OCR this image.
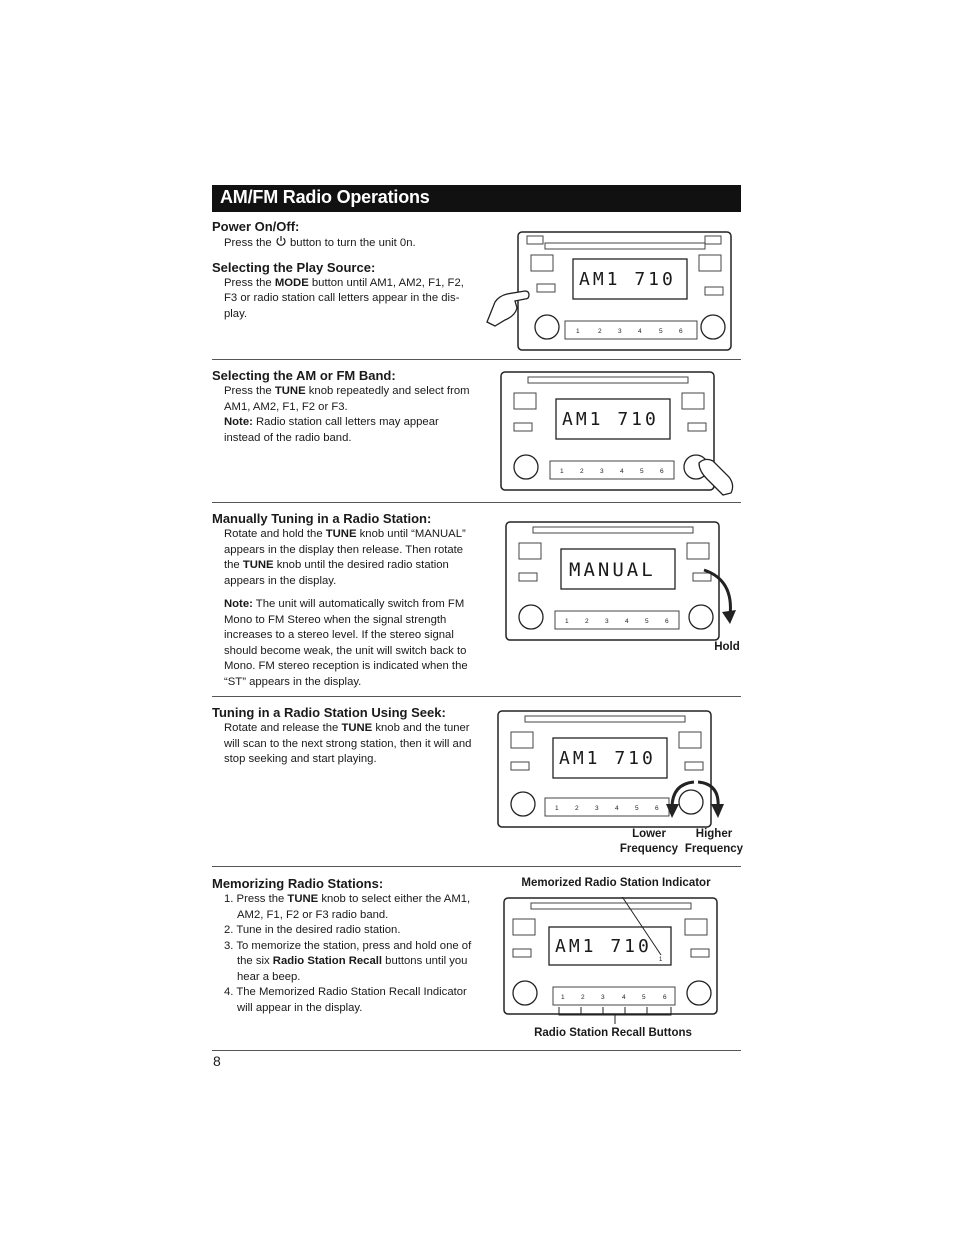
AM/FM Radio Operations

Power On/Off:

Press the button to turn the unit 0n.

Selecting the Play Source:

Press the MODE button until AM1, AM2, F1, F2, F3 or radio station call letters appear in the dis-play.

Selecting the AM or FM Band:

Press the TUNE knob repeatedly and select from AM1, AM2, F1, F2 or F3.
Note: Radio station call letters may appear instead of the radio band.

Manually Tuning in a Radio Station:

Rotate and hold the TUNE knob until “MANUAL” appears in the display then release. Then rotate the TUNE knob until the desired radio station appears in the display.

Note: The unit will automatically switch from FM Mono to FM Stereo when the signal strength increases to a stereo level. If the stereo signal should become weak, the unit will switch back to Mono. FM stereo reception is indicated when the “ST” appears in the display.

Tuning in a Radio Station Using Seek:

Rotate and release the TUNE knob and the tuner will scan to the next strong station, then it will and stop seeking and start playing.

Memorizing Radio Stations:

1. Press the TUNE knob to select either the AM1, AM2, F1, F2 or F3 radio band.
2. Tune in the desired radio station.
3. To memorize the station, press and hold one of the six Radio Station Recall buttons until you hear a beep.
4. The Memorized Radio Station Recall Indicator will appear in the display.
8
AM1 710
1	2	3	4	5	6
AM1 710
1	2	3	4	5	6
MANUAL
1	2	3	4	5	6
Hold
AM1 710
1	2	3	4	5	6
Lower
Frequency
Higher
Frequency
Memorized Radio Station Indicator
AM1 710
1
1	2	3	4	5	6
Radio Station Recall Buttons
